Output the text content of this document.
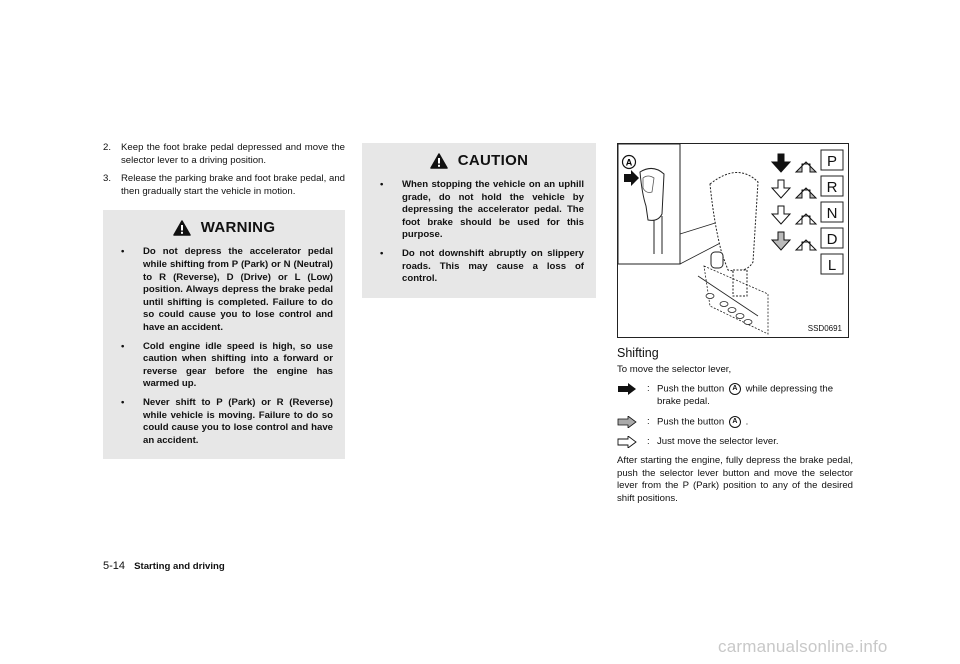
2.	Keep the foot brake pedal depressed and move the selector lever to a driving position.
3.	Release the parking brake and foot brake pedal, and then gradually start the vehicle in motion.
WARNING
•	Do not depress the accelerator pedal while shifting from P (Park) or N (Neutral) to R (Reverse), D (Drive) or L (Low) position. Always depress the brake pedal until shifting is completed. Failure to do so could cause you to lose control and have an accident.
•	Cold engine idle speed is high, so use caution when shifting into a forward or reverse gear before the engine has warmed up.
•	Never shift to P (Park) or R (Reverse) while vehicle is moving. Failure to do so could cause you to lose control and have an accident.
CAUTION
•	When stopping the vehicle on an uphill grade, do not hold the vehicle by depressing the accelerator pedal. The foot brake should be used for this purpose.
•	Do not downshift abruptly on slippery roads. This may cause a loss of control.
A	P
R
N
D
L
SSD0691
Shifting
To move the selector lever,
: Push the button A while depressing the brake pedal.
: Push the button A .
: Just move the selector lever.
After starting the engine, fully depress the brake pedal, push the selector lever button and move the selector lever from the P (Park) position to any of the desired shift positions.
5-14 Starting and driving
carmanualsonline.info
